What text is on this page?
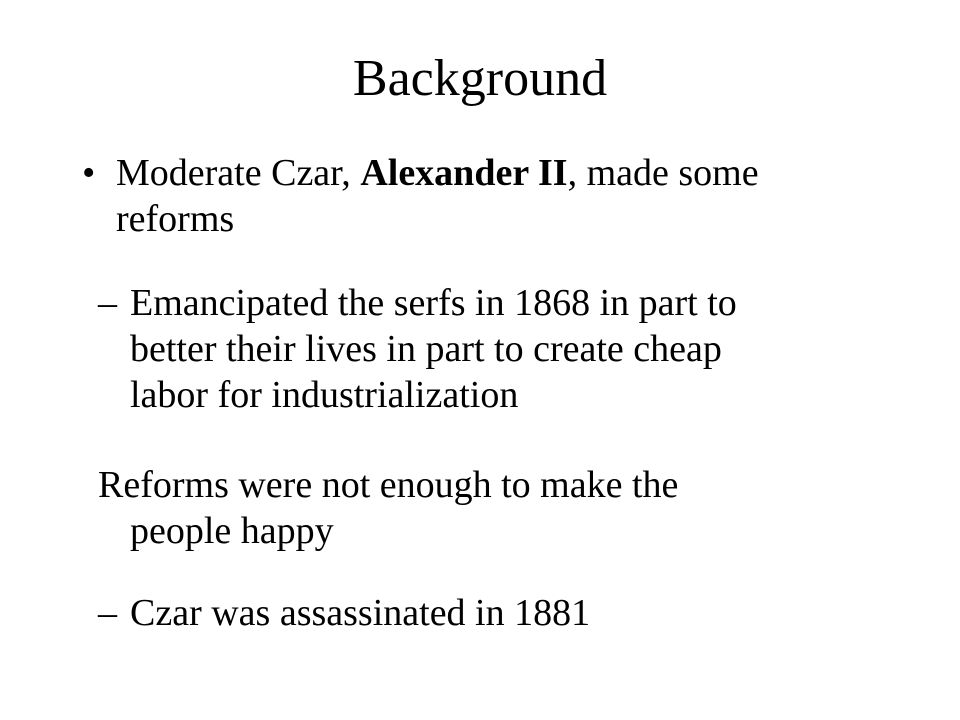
Background
• Moderate Czar, Alexander II, made some
reforms
– Emancipated the serfs in 1868 in part to
better their lives in part to create cheap
labor for industrialization
Reforms were not enough to make the
people happy
– Czar was assassinated in 1881
